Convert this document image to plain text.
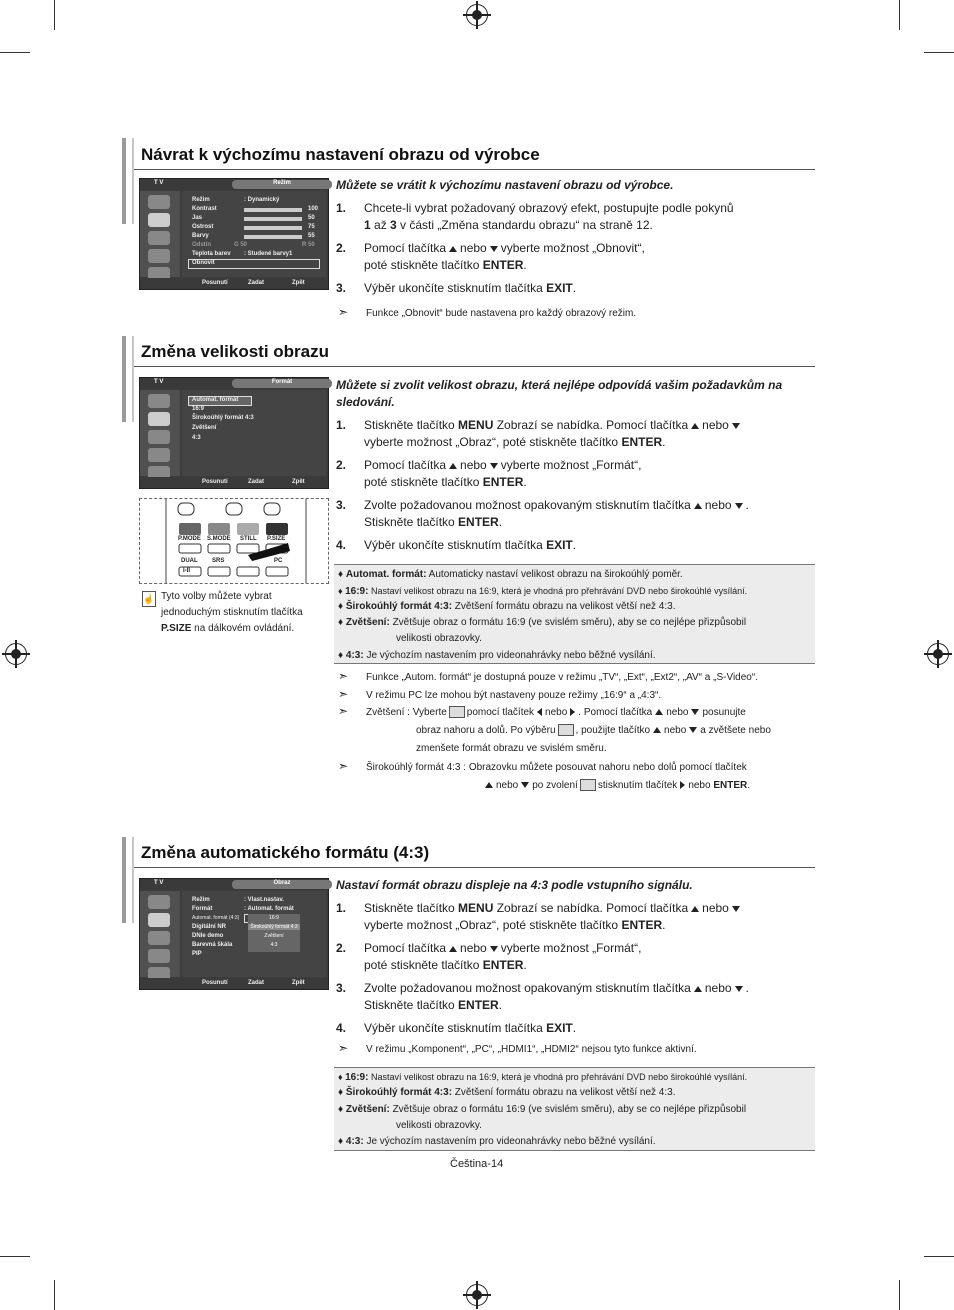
Návrat k výchozímu nastavení obrazu od výrobce
T V	Režim
Režim	: Dynamický
Kontrast	100
Jas	50
Ostrost	75
Barvy	55
Odstín	G 50	R 50
Teplota barev : Studené barvy1
Obnovit
Posunutí	Zadat	Zpět
Můžete se vrátit k výchozímu nastavení obrazu od výrobce.
1. Chcete-li vybrat požadovaný obrazový efekt, postupujte podle pokynů
1 až 3 v části „Změna standardu obrazu“ na straně 12.
2. Pomocí tlačítka nebo vyberte možnost „Obnovit“,
poté stiskněte tlačítko ENTER.
3. Výběr ukončíte stisknutím tlačítka EXIT.
➣ Funkce „Obnovit“ bude nastavena pro každý obrazový režim.
Změna velikosti obrazu
T V	Formát
Automat. formát
16:9
Širokoúhlý formát 4:3
Zvětšení
4:3
Posunutí	Zadat	Zpět
P.MODE S.MODE STILL P.SIZE
DUAL SRS	PC
I-II
☝ Tyto volby můžete vybrat
jednoduchým stisknutím tlačítka
P.SIZE na dálkovém ovládání.
Můžete si zvolit velikost obrazu, která nejlépe odpovídá vašim požadavkům na
sledování.
1. Stiskněte tlačítko MENU Zobrazí se nabídka. Pomocí tlačítka nebo
vyberte možnost „Obraz“, poté stiskněte tlačítko ENTER.
2. Pomocí tlačítka nebo vyberte možnost „Formát“,
poté stiskněte tlačítko ENTER.
3. Zvolte požadovanou možnost opakovaným stisknutím tlačítka nebo .
Stiskněte tlačítko ENTER.
4. Výběr ukončíte stisknutím tlačítka EXIT.
♦ Automat. formát: Automaticky nastaví velikost obrazu na širokoúhlý poměr.
♦ 16:9: Nastaví velikost obrazu na 16:9, která je vhodná pro přehrávání DVD nebo širokoúhlé vysílání.
♦ Širokoúhlý formát 4:3: Zvětšení formátu obrazu na velikost větší než 4:3.
♦ Zvětšení: Zvětšuje obraz o formátu 16:9 (ve svislém směru), aby se co nejlépe přizpůsobil
velikosti obrazovky.
♦ 4:3: Je výchozím nastavením pro videonahrávky nebo běžné vysílání.
➣ Funkce „Autom. formát“ je dostupná pouze v režimu „TV“, „Ext“, „Ext2“, „AV“ a „S-Video“.
➣ V režimu PC lze mohou být nastaveny pouze režimy „16:9“ a „4:3“.
➣ Zvětšení : Vyberte pomocí tlačítek nebo . Pomocí tlačítka nebo posunujte
obraz nahoru a dolů. Po výběru , použijte tlačítko nebo a zvětšete nebo
zmenšete formát obrazu ve svislém směru.
➣ Širokoúhlý formát 4:3 : Obrazovku můžete posouvat nahoru nebo dolů pomocí tlačítek
nebo po zvolení stisknutím tlačítek nebo ENTER.
Změna automatického formátu (4:3)
T V	Obraz
Režim	: Vlast.nastav.
Formát	: Automat. formát
Automat. formát (4:3)
Digitální NR
DNIe demo
Barevná škála
PIP
16:9
Širokoúhlý formát 4:3
Zvětšení
4:3
Posunutí	Zadat	Zpět
Nastaví formát obrazu displeje na 4:3 podle vstupního signálu.
1. Stiskněte tlačítko MENU Zobrazí se nabídka. Pomocí tlačítka nebo
vyberte možnost „Obraz“, poté stiskněte tlačítko ENTER.
2. Pomocí tlačítka nebo vyberte možnost „Formát“,
poté stiskněte tlačítko ENTER.
3. Zvolte požadovanou možnost opakovaným stisknutím tlačítka nebo .
Stiskněte tlačítko ENTER.
4. Výběr ukončíte stisknutím tlačítka EXIT.
➣ V režimu „Komponent“, „PC“, „HDMI1“, „HDMI2“ nejsou tyto funkce aktivní.
♦ 16:9: Nastaví velikost obrazu na 16:9, která je vhodná pro přehrávání DVD nebo širokoúhlé vysílání.
♦ Širokoúhlý formát 4:3: Zvětšení formátu obrazu na velikost větší než 4:3.
♦ Zvětšení: Zvětšuje obraz o formátu 16:9 (ve svislém směru), aby se co nejlépe přizpůsobil
velikosti obrazovky.
♦ 4:3: Je výchozím nastavením pro videonahrávky nebo běžné vysílání.
Čeština-14
